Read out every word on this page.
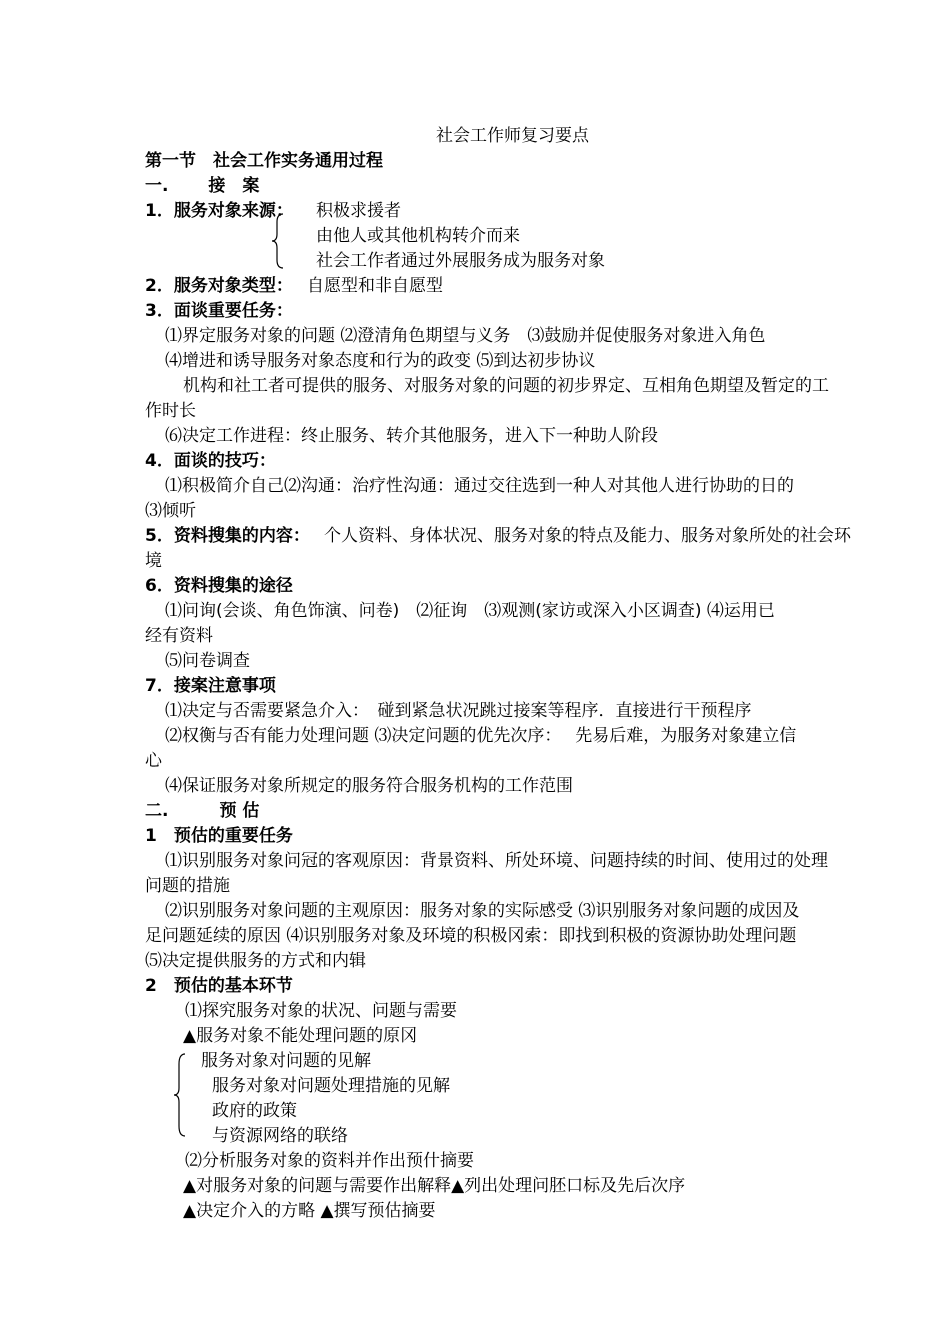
社会工作师复习要点
第一节　社会工作实务通用过程
一.　　 接　案
1．服务对象来源： 积极求援者
由他人或其他机构转介而来
社会工作者通过外展服务成为服务对象
2．服务对象类型： 自愿型和非自愿型
3．面谈重要任务：
⑴界定服务对象的问题 ⑵澄清角色期望与义务　⑶鼓励并促使服务对象进入角色
⑷增进和诱导服务对象态度和行为的政变 ⑸到达初步协议
机构和社工者可提供的服务、对服务对象的问题的初步界定、互相角色期望及暂定的工
作时长
⑹决定工作进程：终止服务、转介其他服务，进入下一种助人阶段
4．面谈的技巧：
⑴积极简介自己⑵沟通：治疗性沟通：通过交往选到一种人对其他人进行协助的日的
⑶倾听
5．资料搜集的内容： 个人资料、身体状况、服务对象的特点及能力、服务对象所处的社会环
境
6．资料搜集的途径
⑴问询(会谈、角色饰演、问卷)　⑵征询　⑶观测(家访或深入小区调查) ⑷运用已
经有资料
⑸问卷调查
7．接案注意事项
⑴决定与否需要紧急介入：　碰到紧急状况跳过接案等程序．直接进行干预程序
⑵权衡与否有能力处理问题 ⑶决定问题的优先次序：　 先易后难，为服务对象建立信
心
⑷保证服务对象所规定的服务符合服务机构的工作范围
二.　　　预 估
1　预估的重要任务
⑴识别服务对象问冠的客观原因：背景资料、所处环境、问题持续的时间、使用过的处理
问题的措施
⑵识别服务对象问题的主观原因：服务对象的实际感受 ⑶识别服务对象问题的成因及
足问题延续的原因 ⑷识别服务对象及环境的积极冈索：即找到积极的资源协助处理问题
⑸决定提供服务的方式和内辑
2　预估的基本环节
⑴探究服务对象的状况、问题与需要
▲服务对象不能处理问题的原冈
服务对象对问题的见解
服务对象对问题处理措施的见解
政府的政策
与资源网络的联络
⑵分析服务对象的资料并作出预什摘要
▲对服务对象的问题与需要作出解释▲列出处理问胚口标及先后次序
▲决定介入的方略 ▲撰写预估摘要
